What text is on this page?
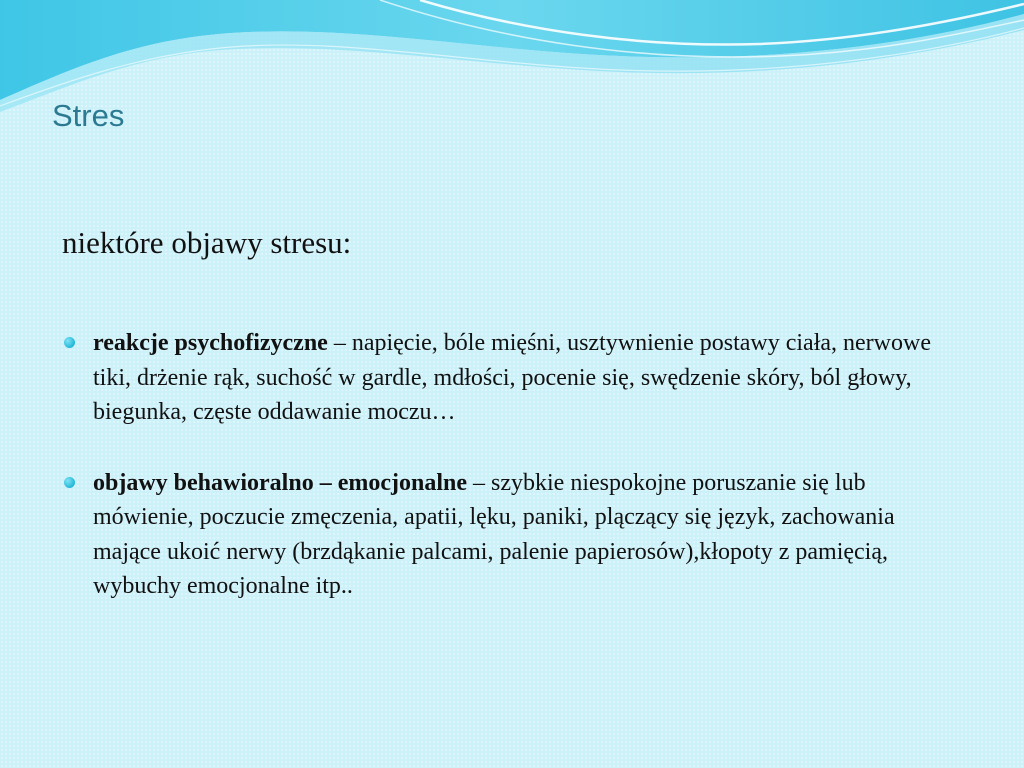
Stres

niektóre objawy stresu:

reakcje psychofizyczne – napięcie, bóle mięśni, usztywnienie postawy ciała, nerwowe tiki, drżenie rąk, suchość w gardle, mdłości, pocenie się, swędzenie skóry, ból głowy, biegunka, częste oddawanie moczu…
objawy behawioralno – emocjonalne – szybkie niespokojne poruszanie się lub mówienie, poczucie zmęczenia, apatii, lęku, paniki, plączący się język, zachowania mające ukoić nerwy (brzdąkanie palcami, palenie papierosów),kłopoty z pamięcią, wybuchy emocjonalne itp..
